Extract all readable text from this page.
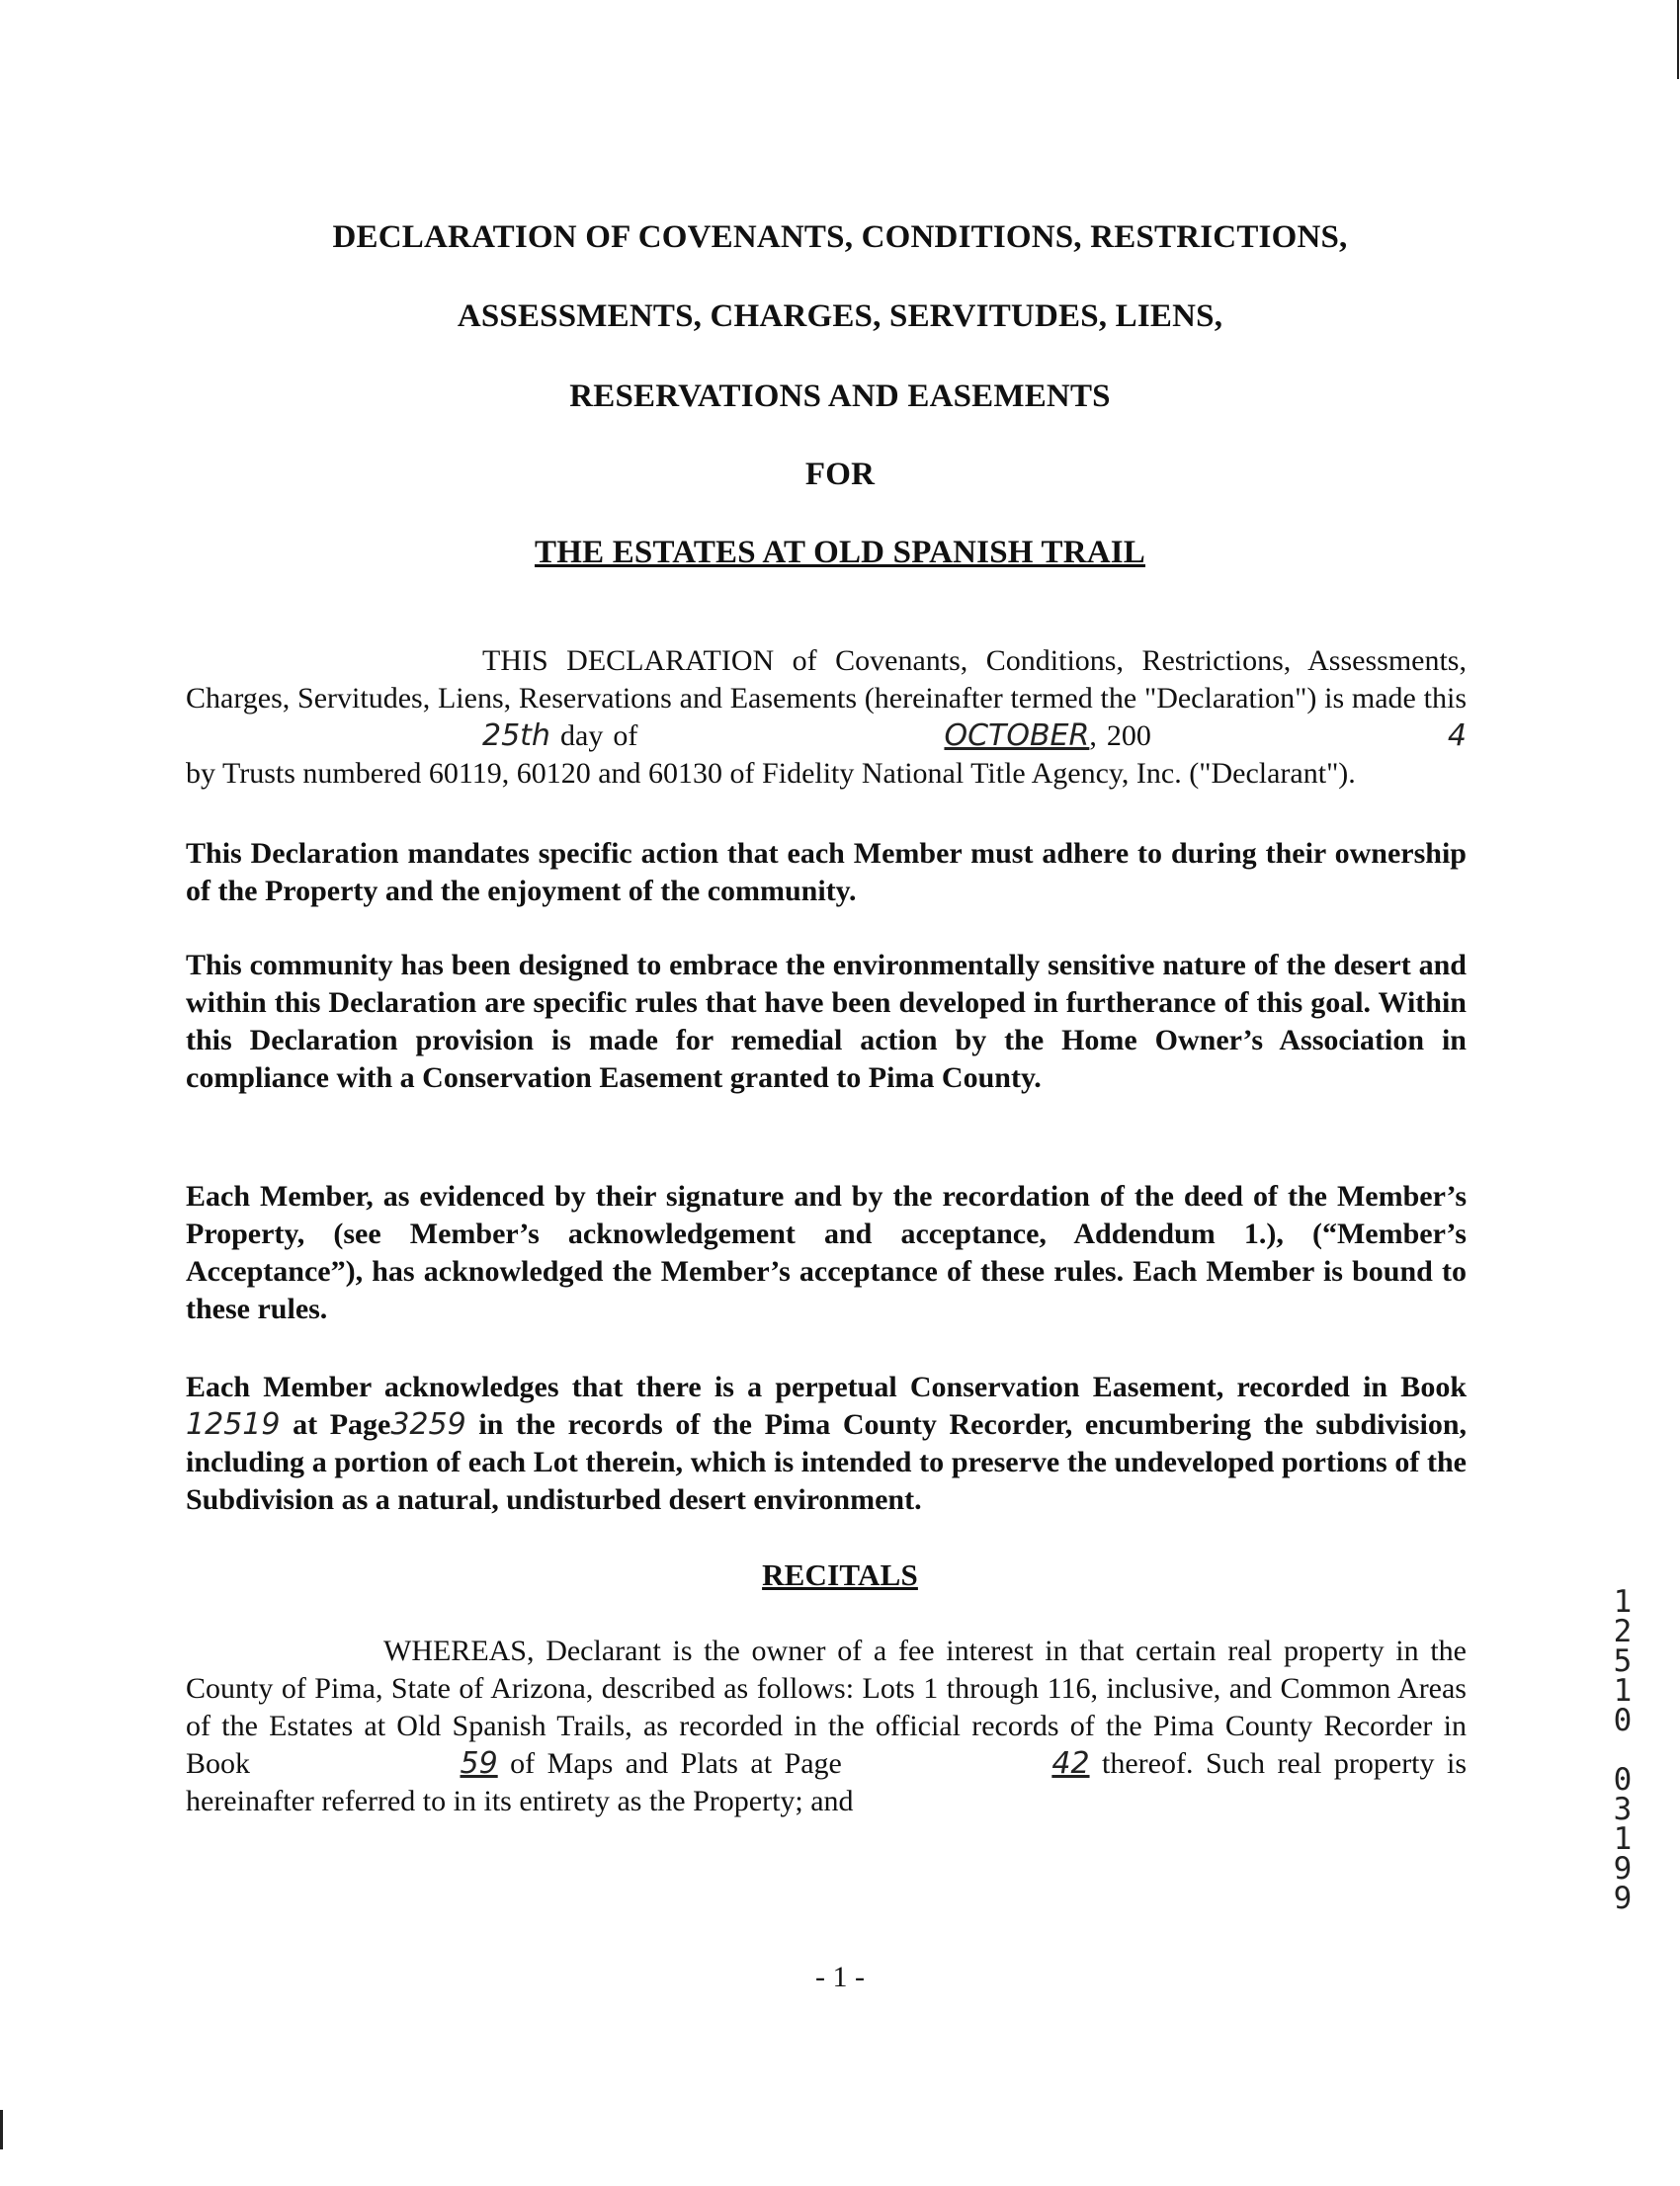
DECLARATION OF COVENANTS, CONDITIONS, RESTRICTIONS,
ASSESSMENTS, CHARGES, SERVITUDES, LIENS,
RESERVATIONS AND EASEMENTS
FOR
THE ESTATES AT OLD SPANISH TRAIL
THIS DECLARATION of Covenants, Conditions, Restrictions, Assessments, Charges, Servitudes, Liens, Reservations and Easements (hereinafter termed the "Declaration") is made this25th day of	OCTOBER, 200	4 by Trusts numbered 60119, 60120 and 60130 of Fidelity National Title Agency, Inc. ("Declarant").
This Declaration mandates specific action that each Member must adhere to during their ownership of the Property and the enjoyment of the community.
This community has been designed to embrace the environmentally sensitive nature of the desert and within this Declaration are specific rules that have been developed in furtherance of this goal. Within this Declaration provision is made for remedial action by the Home Owner’s Association in compliance with a Conservation Easement granted to Pima County.
Each Member, as evidenced by their signature and by the recordation of the deed of the Member’s Property, (see Member’s acknowledgement and acceptance, Addendum 1.), (“Member’s Acceptance”), has acknowledged the Member’s acceptance of these rules. Each Member is bound to these rules.
Each Member acknowledges that there is a perpetual Conservation Easement, recorded in Book12519 at Page3259 in the records of the Pima County Recorder, encumbering the subdivision, including a portion of each Lot therein, which is intended to preserve the undeveloped portions of the Subdivision as a natural, undisturbed desert environment.
RECITALS
WHEREAS, Declarant is the owner of a fee interest in that certain real property in the County of Pima, State of Arizona, described as follows: Lots 1 through 116, inclusive, and Common Areas of the Estates at Old Spanish Trails, as recorded in the official records of the Pima County Recorder in Book	59 of Maps and Plats at Page	42 thereof. Such real property is hereinafter referred to in its entirety as the Property; and
1
2
5
1
0
0
3
1
9
9
- 1 -
